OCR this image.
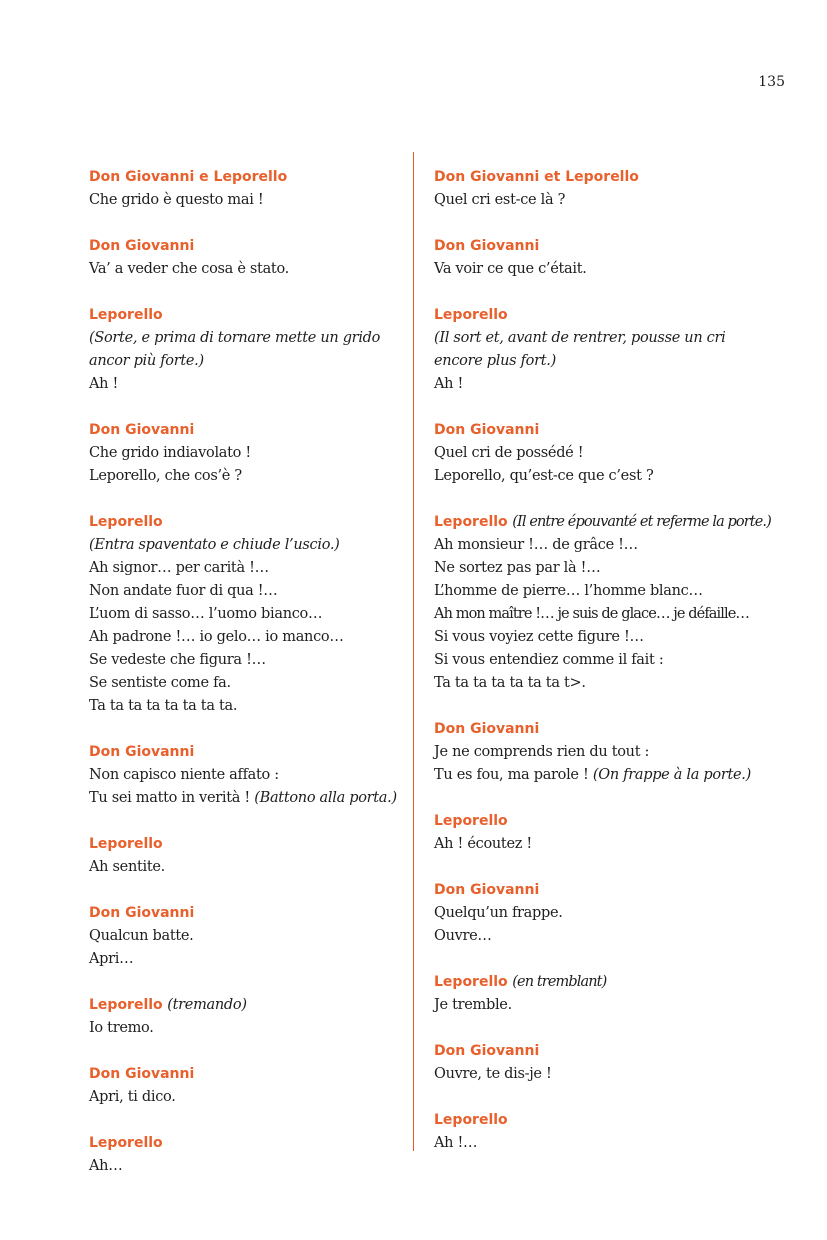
135
Don Giovanni e Leporello
Che grido è questo mai !
Don Giovanni
Va’ a veder che cosa è stato.
Leporello
(Sorte, e prima di tornare mette un grido
ancor più forte.)
Ah !
Don Giovanni
Che grido indiavolato !
Leporello, che cos’è ?
Leporello (Entra spaventato e chiude l’uscio.)
Ah signor… per carità !…
Non andate fuor di qua !…
L’uom di sasso… l’uomo bianco…
Ah padrone !… io gelo… io manco…
Se vedeste che figura !…
Se sentiste come fa.
Ta ta ta ta ta ta ta ta.
Don Giovanni
Non capisco niente affato :
Tu sei matto in verità ! (Battono alla porta.)
Leporello
Ah sentite.
Don Giovanni
Qualcun batte.
Apri…
Leporello (tremando)
Io tremo.
Don Giovanni
Apri, ti dico.
Leporello
Ah…
Don Giovanni et Leporello
Quel cri est-ce là ?
Don Giovanni
Va voir ce que c’était.
Leporello
(Il sort et, avant de rentrer, pousse un cri
encore plus fort.)
Ah !
Don Giovanni
Quel cri de possédé !
Leporello, qu’est-ce que c’est ?
Leporello (Il entre épouvanté et referme la porte.)
Ah monsieur !… de grâce !…
Ne sortez pas par là !…
L’homme de pierre… l’homme blanc…
Ah mon maître !… je suis de glace… je défaille…
Si vous voyiez cette figure !…
Si vous entendiez comme il fait :
Ta ta ta ta ta ta ta t>.
Don Giovanni
Je ne comprends rien du tout :
Tu es fou, ma parole ! (On frappe à la porte.)
Leporello
Ah ! écoutez !
Don Giovanni
Quelqu’un frappe.
Ouvre…
Leporello (en tremblant)
Je tremble.
Don Giovanni
Ouvre, te dis-je !
Leporello
Ah !…
